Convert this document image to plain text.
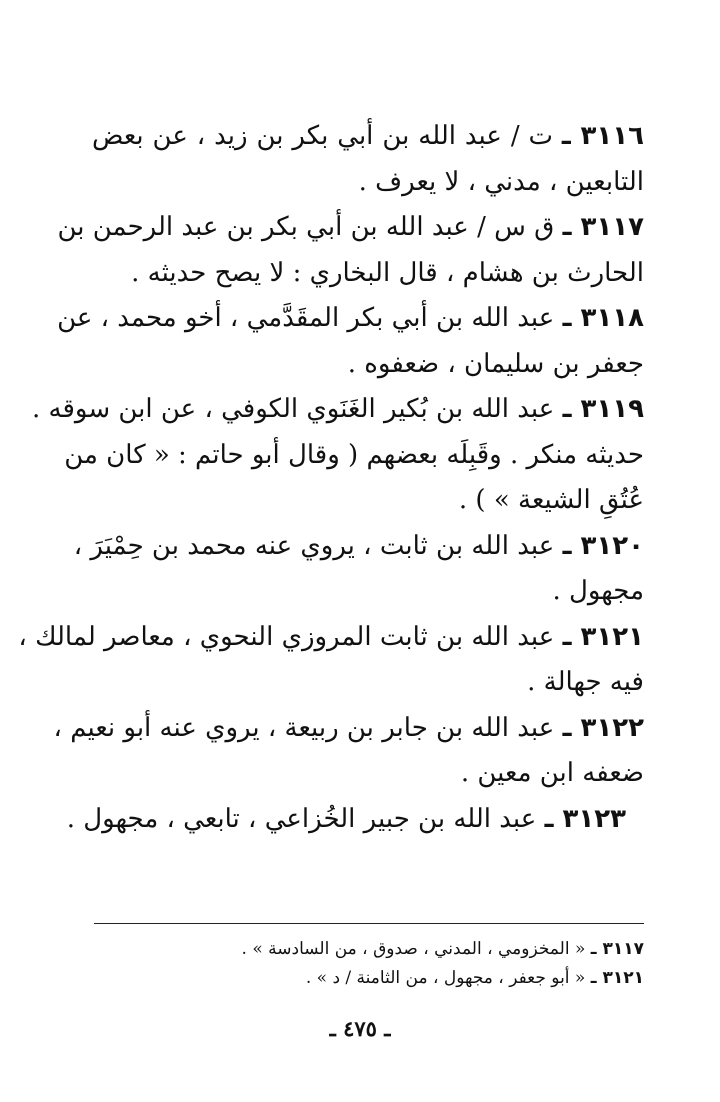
٣١١٦ ـ ت / عبد الله بن أبي بكر بن زيد ، عن بعض
التابعين ، مدني ، لا يعرف .
٣١١٧ ـ ق س / عبد الله بن أبي بكر بن عبد الرحمن بن
الحارث بن هشام ، قال البخاري : لا يصح حديثه .
٣١١٨ ـ عبد الله بن أبي بكر المقَدَّمي ، أخو محمد ، عن
جعفر بن سليمان ، ضعفوه .
٣١١٩ ـ عبد الله بن بُكير الغَنَوي الكوفي ، عن ابن سوقه .
حديثه منكر . وقَبِلَه بعضهم ( وقال أبو حاتم : « كان من
عُتُقِ الشيعة » ) .
٣١٢٠ ـ عبد الله بن ثابت ، يروي عنه محمد بن حِمْيَرَ ،
مجهول .
٣١٢١ ـ عبد الله بن ثابت المروزي النحوي ، معاصر لمالك ،
فيه جهالة .
٣١٢٢ ـ عبد الله بن جابر بن ربيعة ، يروي عنه أبو نعيم ،
ضعفه ابن معين .
٣١٢٣ ـ عبد الله بن جبير الخُزاعي ، تابعي ، مجهول .
٣١١٧ ـ « المخزومي ، المدني ، صدوق ، من السادسة » .
٣١٢١ ـ « أبو جعفر ، مجهول ، من الثامنة / د » .
ـ ٤٧٥ ـ
